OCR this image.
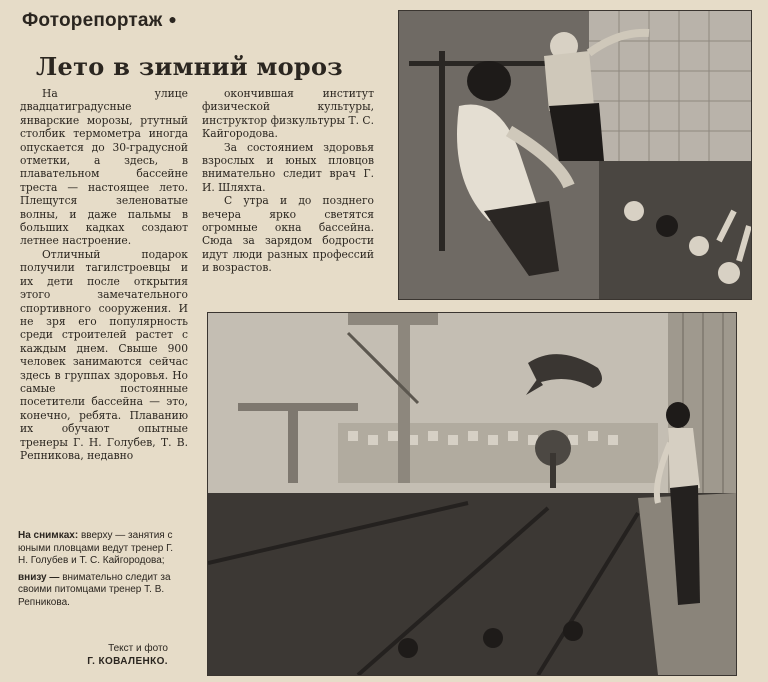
Фоторепортаж ●
Лето в зимний мороз

На улице двадцатиградусные январские морозы, ртутный столбик термометра иногда опускается до 30-градусной отметки, а здесь, в плавательном бассейне треста — настоящее лето. Плещутся зеленоватые волны, и даже пальмы в больших кадках создают летнее настроение.

Отличный подарок получили тагилстроевцы и их дети после открытия этого замечательного спортивного сооружения. И не зря его популярность среди строителей растет с каждым днем. Свыше 900 человек занимаются сейчас здесь в группах здоровья. Но самые постоянные посетители бассейна — это, конечно, ребята. Плаванию их обучают опытные тренеры Г. Н. Голубев, Т. В. Репникова, недавно

окончившая институт физической культуры, инструктор физкультуры Т. С. Кайгородова.

За состоянием здоровья взрослых и юных пловцов внимательно следит врач Г. И. Шляхта.

С утра и до позднего вечера ярко светятся огромные окна бассейна. Сюда за зарядом бодрости идут люди разных профессий и возрастов.

На снимках: вверху — занятия с юными пловцами ведут тренер Г. Н. Голубев и Т. С. Кайгородова;
внизу — внимательно следит за своими питомцами тренер Т. В. Репникова.
Текст и фото
Г. КОВАЛЕНКО.
